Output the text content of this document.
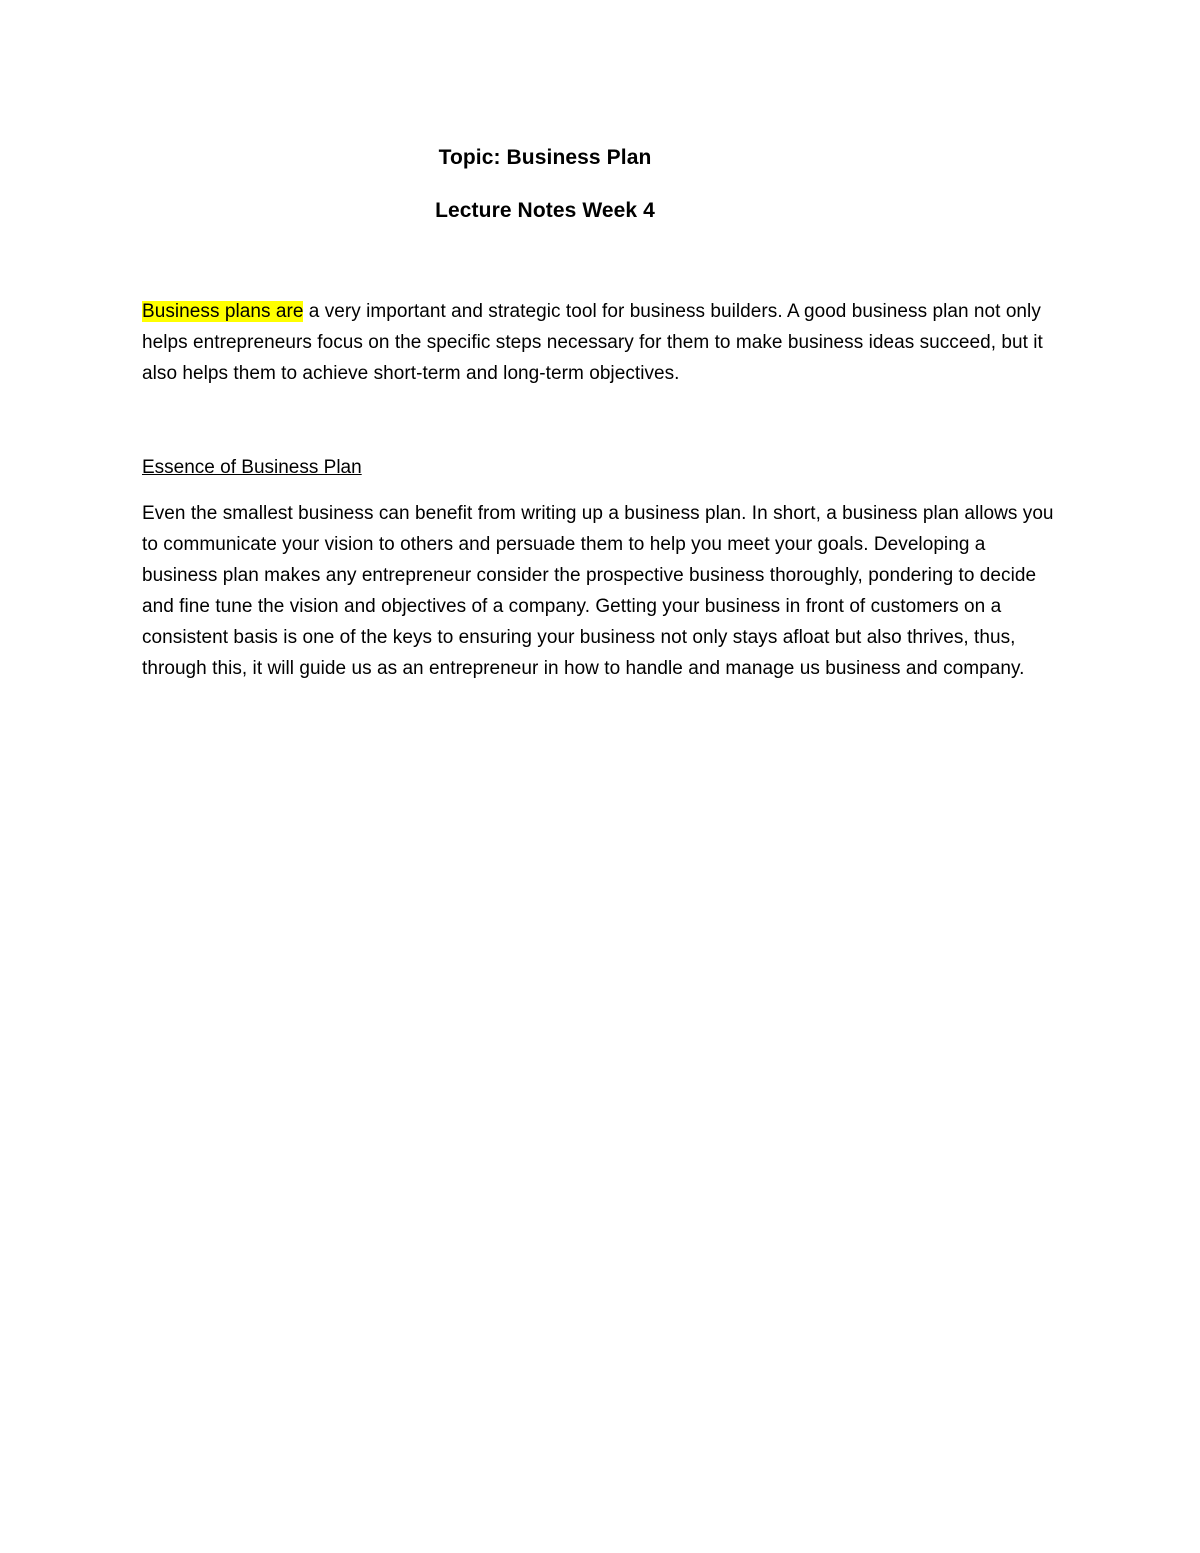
Topic: Business Plan
Lecture Notes Week 4
Business plans are a very important and strategic tool for business builders. A good business plan not only helps entrepreneurs focus on the specific steps necessary for them to make business ideas succeed, but it also helps them to achieve short-term and long-term objectives.
Essence of Business Plan
Even the smallest business can benefit from writing up a business plan. In short, a business plan allows you to communicate your vision to others and persuade them to help you meet your goals. Developing a business plan makes any entrepreneur consider the prospective business thoroughly, pondering to decide and fine tune the vision and objectives of a company. Getting your business in front of customers on a consistent basis is one of the keys to ensuring your business not only stays afloat but also thrives, thus, through this, it will guide us as an entrepreneur in how to handle and manage us business and company.
